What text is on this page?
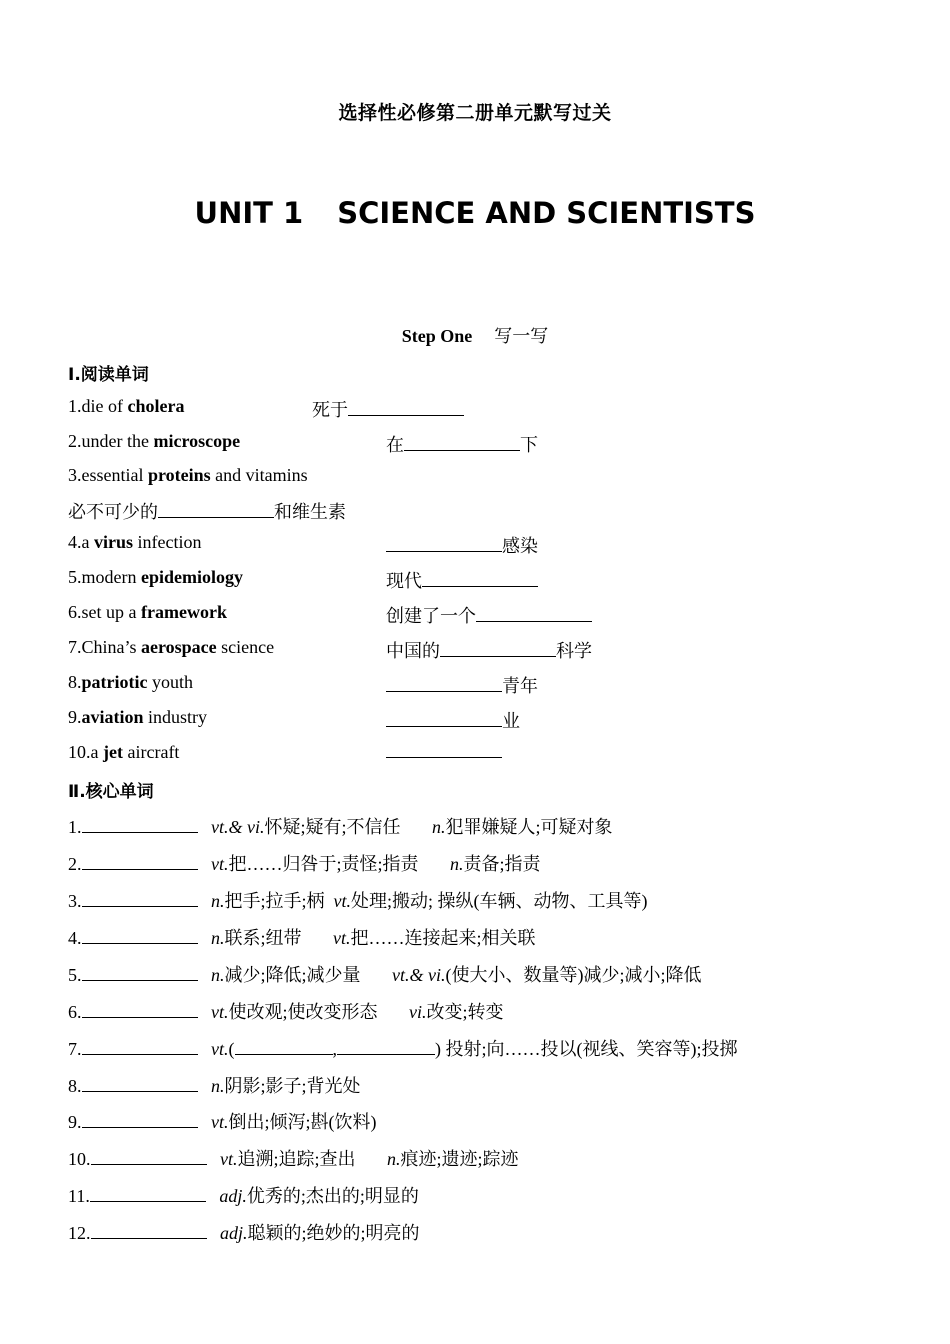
选择性必修第二册单元默写过关
UNIT 1 SCIENCE AND SCIENTISTS
Step One 写一写
Ⅰ.阅读单词
1.die of cholera	死于
2.under the microscope	在	下
3.essential proteins and vitamins
必不可少的	和维生素
4.a virus infection	感染
5.modern epidemiology	现代
6.set up a framework	创建了一个
7.China’s aerospace science	中国的	科学
8.patriotic youth	青年
9.aviation industry	业
10.a jet aircraft
Ⅱ.核心单词
1.	vt.& vi.怀疑;疑有;不信任 n.犯罪嫌疑人;可疑对象
2.	vt.把……归咎于;责怪;指责 n.责备;指责
3.	n.把手;拉手;柄 vt.处理;搬动; 操纵(车辆、动物、工具等)
4.	n.联系;纽带 vt.把……连接起来;相关联
5.	n.减少;降低;减少量 vt.& vi.(使大小、数量等)减少;减小;降低
6.	vt.使改观;使改变形态 vi.改变;转变
7.	vt.(	,	) 投射;向……投以(视线、笑容等);投掷
8.	n.阴影;影子;背光处
9.	vt.倒出;倾泻;斟(饮料)
10.	vt.追溯;追踪;查出 n.痕迹;遗迹;踪迹
11.	adj.优秀的;杰出的;明显的
12.	adj.聪颖的;绝妙的;明亮的
